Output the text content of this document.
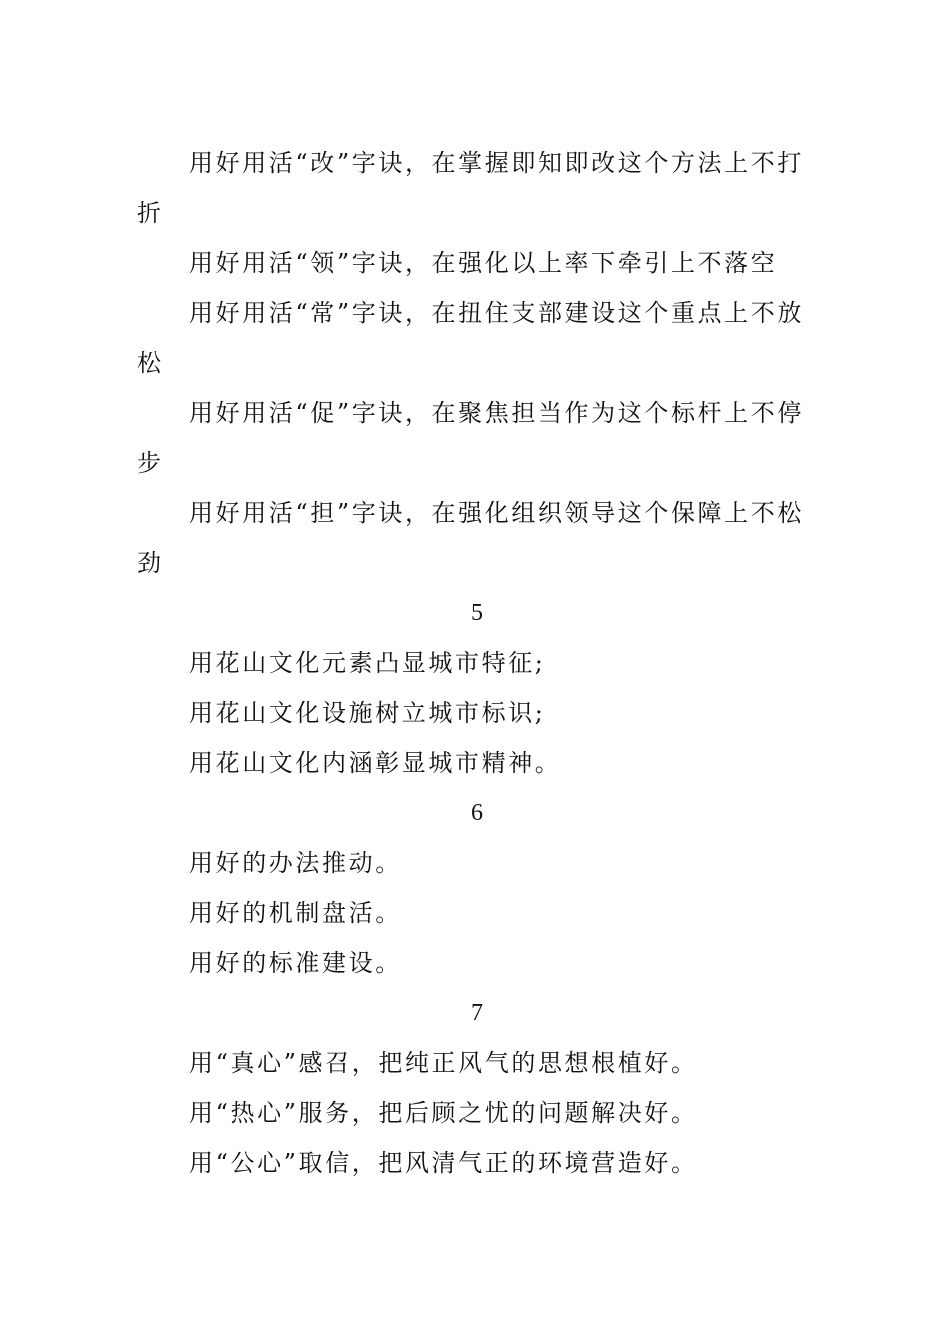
用好用活“改”字诀，在掌握即知即改这个方法上不打折

用好用活“领”字诀，在强化以上率下牵引上不落空

用好用活“常”字诀，在扭住支部建设这个重点上不放松

用好用活“促”字诀，在聚焦担当作为这个标杆上不停步

用好用活“担”字诀，在强化组织领导这个保障上不松劲

5

用花山文化元素凸显城市特征;

用花山文化设施树立城市标识;

用花山文化内涵彰显城市精神。

6

用好的办法推动。

用好的机制盘活。

用好的标准建设。

7

用“真心”感召，把纯正风气的思想根植好。

用“热心”服务，把后顾之忧的问题解决好。

用“公心”取信，把风清气正的环境营造好。
